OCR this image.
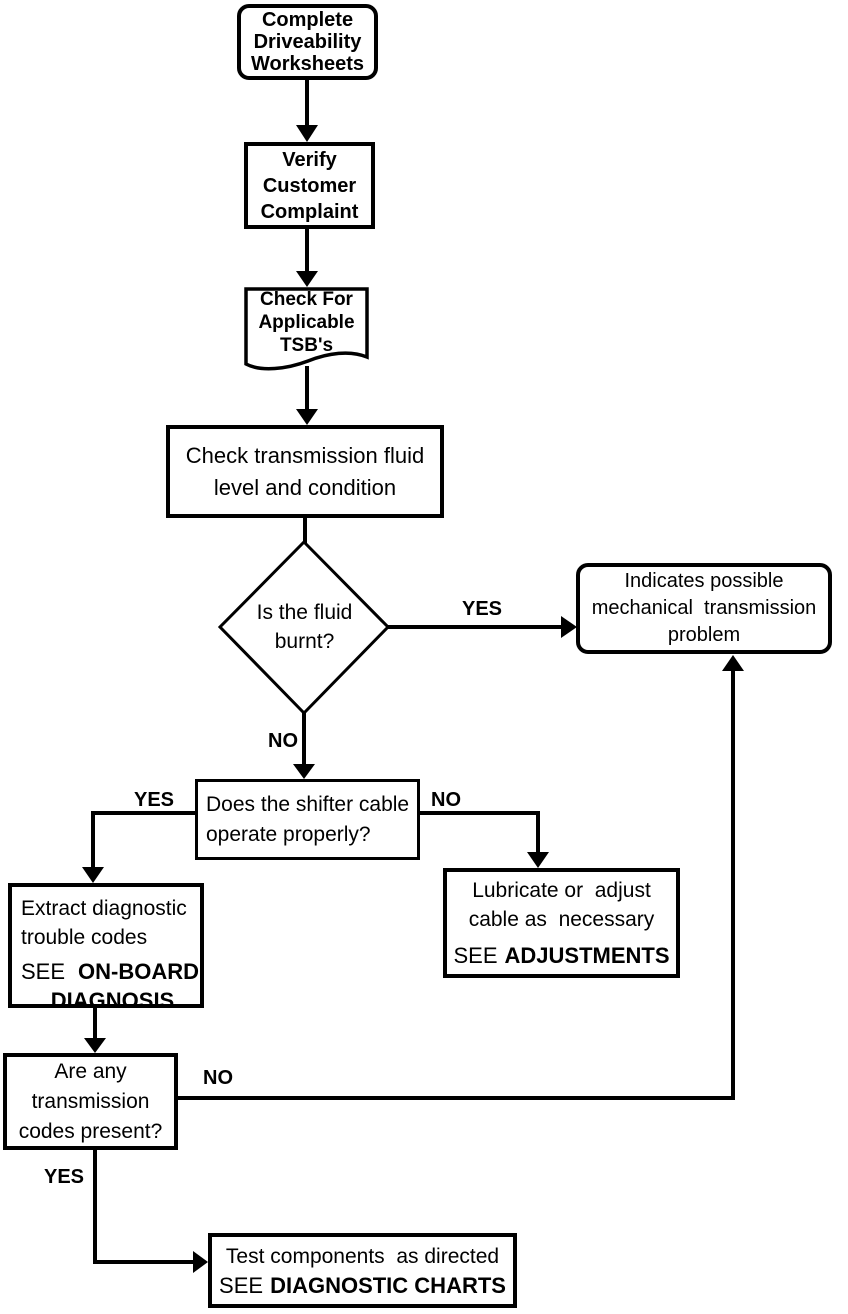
Complete
Driveability
Worksheets
Verify
Customer
Complaint
Check For
Applicable
TSB's
Check transmission fluid
level and condition
Is the fluid
burnt?
Indicates possible
mechanical  transmission
problem
Does the shifter cable
operate properly?
Extract diagnostic
trouble codes
SEE ON-BOARD
DIAGNOSIS
Lubricate or  adjust
cable as  necessary
SEE ADJUSTMENTS
Are any
transmission
codes present?
Test components  as directed
SEE DIAGNOSTIC CHARTS
YES
NO
YES	NO
NO
YES
